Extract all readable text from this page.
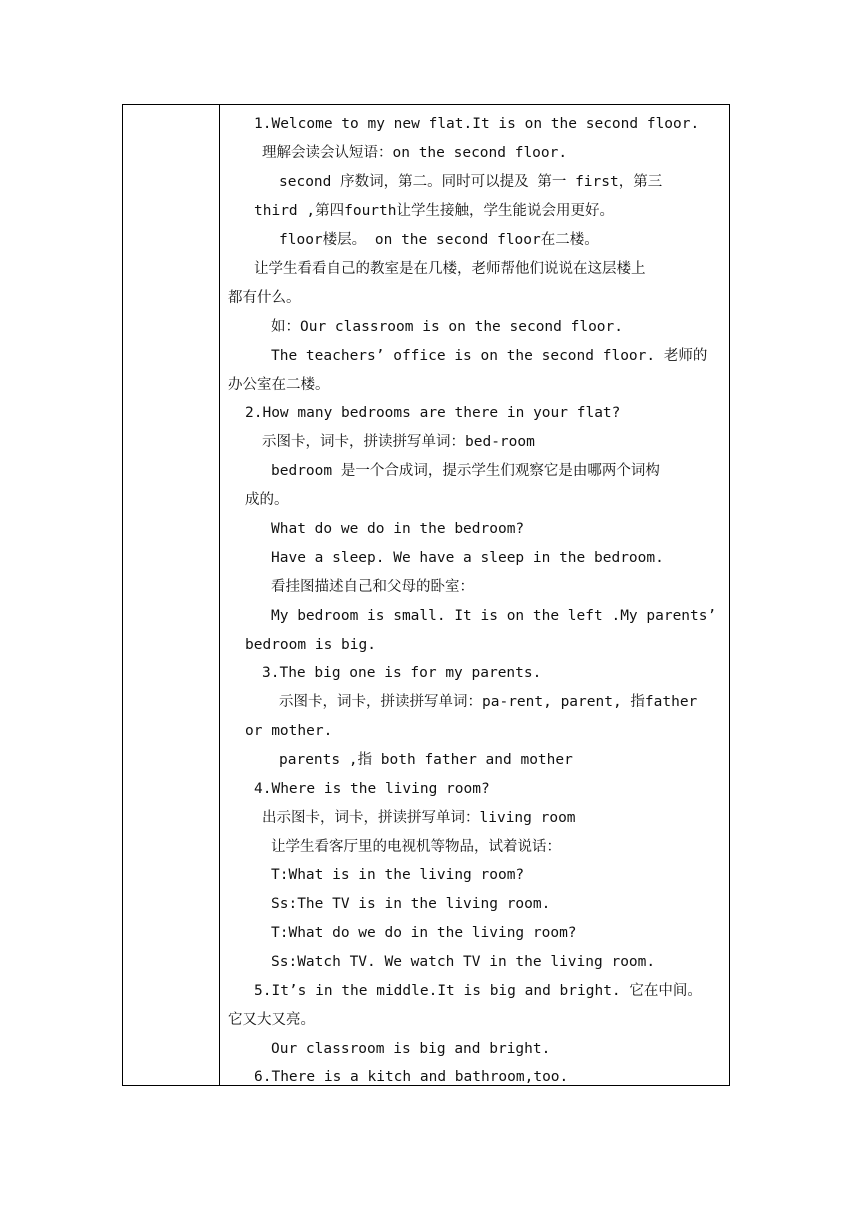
1.Welcome to my new flat.It is on the second floor.
理解会读会认短语：on the second floor.
second 序数词，第二。同时可以提及 第一 first，第三
third ,第四fourth让学生接触，学生能说会用更好。
floor楼层。 on the second floor在二楼。
让学生看看自己的教室是在几楼，老师帮他们说说在这层楼上
都有什么。
如：Our classroom is on the second floor.
The teachers’ office is on the second floor. 老师的
办公室在二楼。
2.How many bedrooms are there in your flat?
示图卡，词卡，拼读拼写单词：bed-room
bedroom 是一个合成词，提示学生们观察它是由哪两个词构
成的。
What do we do in the bedroom?
Have a sleep. We have a sleep in the bedroom.
看挂图描述自己和父母的卧室：
My bedroom is small. It is on the left .My parents’
bedroom is big.
3.The big one is for my parents.
示图卡，词卡，拼读拼写单词：pa-rent, parent, 指father
or mother.
parents ,指 both father and mother
4.Where is the living room?
出示图卡，词卡，拼读拼写单词：living room
让学生看客厅里的电视机等物品，试着说话：
T:What is in the living room?
Ss:The TV is in the living room.
T:What do we do in the living room?
Ss:Watch TV. We watch TV in the living room.
5.It’s in the middle.It is big and bright. 它在中间。
它又大又亮。
Our classroom is big and bright.
6.There is a kitch and bathroom,too.
